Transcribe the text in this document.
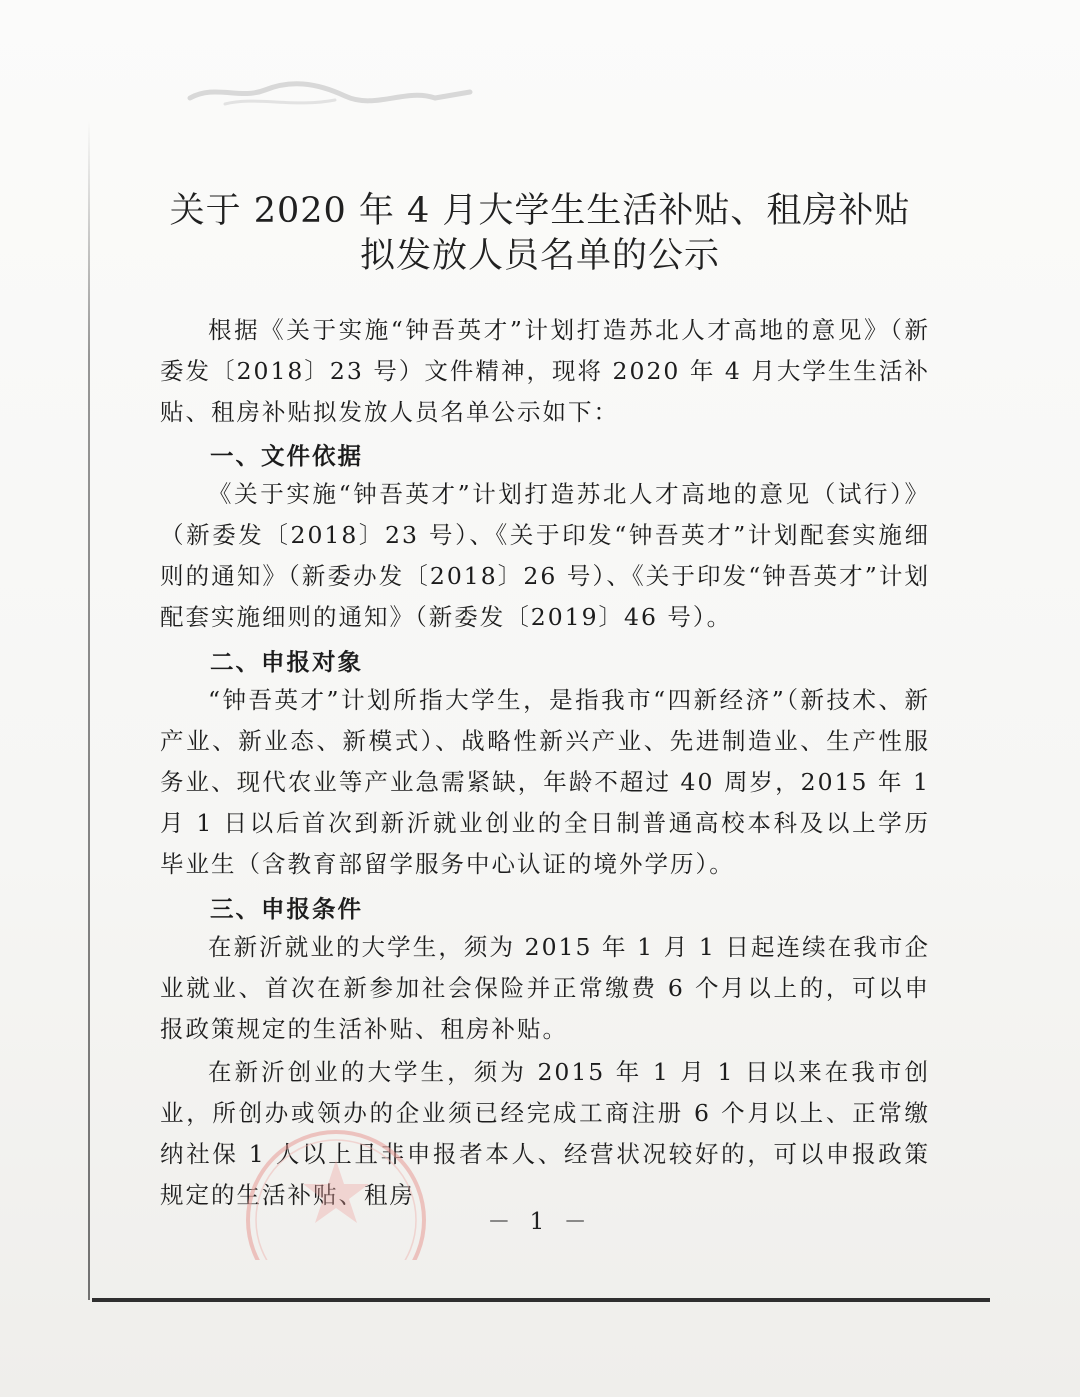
关于 2020 年 4 月大学生生活补贴、租房补贴
拟发放人员名单的公示
根据《关于实施“钟吾英才”计划打造苏北人才高地的意见》（新委发〔2018〕23 号）文件精神，现将 2020 年 4 月大学生生活补贴、租房补贴拟发放人员名单公示如下：
一、文件依据
《关于实施“钟吾英才”计划打造苏北人才高地的意见（试行）》（新委发〔2018〕23 号）、《关于印发“钟吾英才”计划配套实施细则的通知》（新委办发〔2018〕26 号）、《关于印发“钟吾英才”计划配套实施细则的通知》（新委发〔2019〕46 号）。
二、申报对象
“钟吾英才”计划所指大学生，是指我市“四新经济”（新技术、新产业、新业态、新模式）、战略性新兴产业、先进制造业、生产性服务业、现代农业等产业急需紧缺，年龄不超过 40 周岁，2015 年 1 月 1 日以后首次到新沂就业创业的全日制普通高校本科及以上学历毕业生（含教育部留学服务中心认证的境外学历）。
三、申报条件
在新沂就业的大学生，须为 2015 年 1 月 1 日起连续在我市企业就业、首次在新参加社会保险并正常缴费 6 个月以上的，可以申报政策规定的生活补贴、租房补贴。
在新沂创业的大学生，须为 2015 年 1 月 1 日以来在我市创业，所创办或领办的企业须已经完成工商注册 6 个月以上、正常缴纳社保 1 人以上且非申报者本人、经营状况较好的，可以申报政策规定的生活补贴、租房
－ 1 －
